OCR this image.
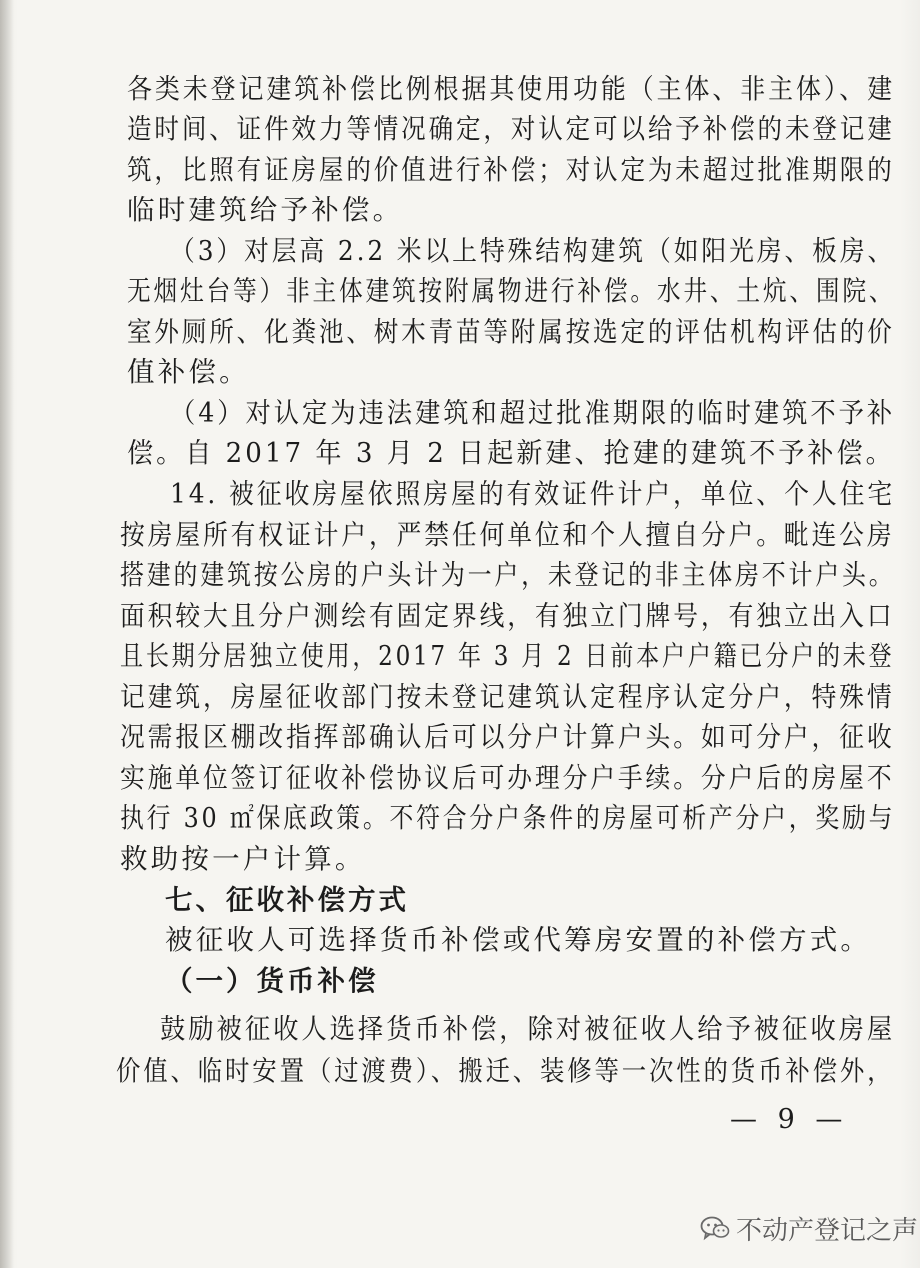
各类未登记建筑补偿比例根据其使用功能（主体、非主体）、建
造时间、证件效力等情况确定，对认定可以给予补偿的未登记建
筑，比照有证房屋的价值进行补偿；对认定为未超过批准期限的
临时建筑给予补偿。
（3）对层高 2.2 米以上特殊结构建筑（如阳光房、板房、
无烟灶台等）非主体建筑按附属物进行补偿。水井、土炕、围院、
室外厕所、化粪池、树木青苗等附属按选定的评估机构评估的价
值补偿。
（4）对认定为违法建筑和超过批准期限的临时建筑不予补
偿。自 2017 年 3 月 2 日起新建、抢建的建筑不予补偿。
14. 被征收房屋依照房屋的有效证件计户，单位、个人住宅
按房屋所有权证计户，严禁任何单位和个人擅自分户。毗连公房
搭建的建筑按公房的户头计为一户，未登记的非主体房不计户头。
面积较大且分户测绘有固定界线，有独立门牌号，有独立出入口
且长期分居独立使用，2017 年 3 月 2 日前本户户籍已分户的未登
记建筑，房屋征收部门按未登记建筑认定程序认定分户，特殊情
况需报区棚改指挥部确认后可以分户计算户头。如可分户，征收
实施单位签订征收补偿协议后可办理分户手续。分户后的房屋不
执行 30 ㎡保底政策。不符合分户条件的房屋可析产分户，奖励与
救助按一户计算。
七、征收补偿方式
被征收人可选择货币补偿或代筹房安置的补偿方式。
（一）货币补偿
鼓励被征收人选择货币补偿，除对被征收人给予被征收房屋
价值、临时安置（过渡费）、搬迁、装修等一次性的货币补偿外，
— 9 —
不动产登记之声
